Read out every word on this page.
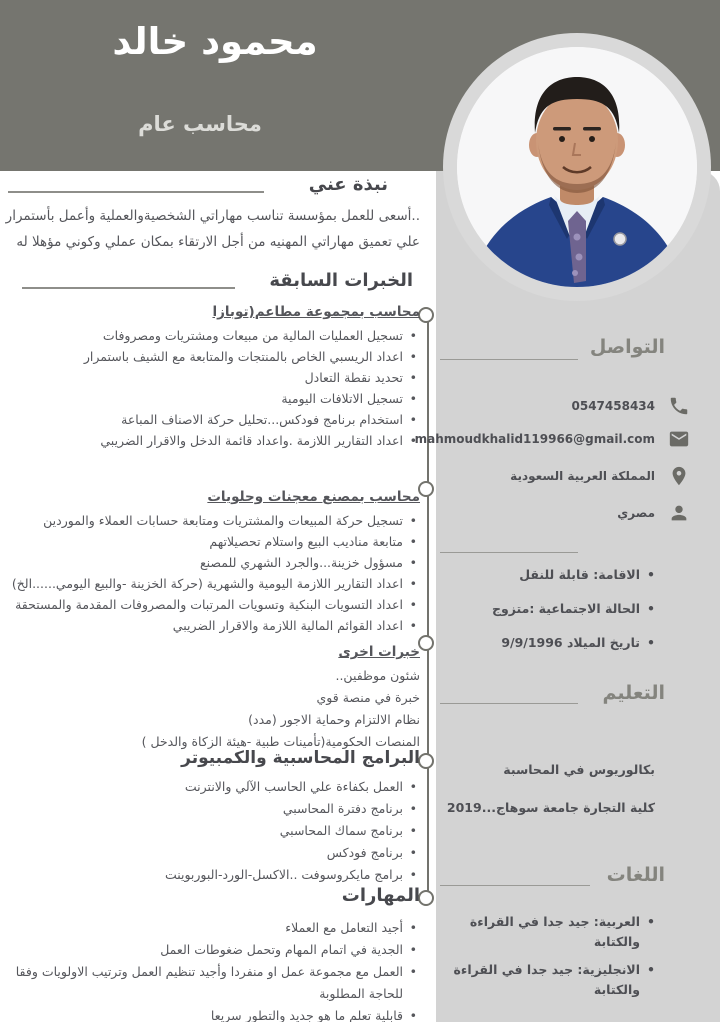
محمود خالد
محاسب عام
نبذة عني
..أسعى للعمل بمؤسسة تناسب مهاراتي الشخصيةوالعملية وأعمل بأستمرار علي تعميق مهاراتي المهنيه من أجل الارتقاء بمكان عملي وكوني مؤهلا له
الخبرات السابقة
محاسب بمجموعة مطاعم(توبازا
• تسجيل العمليات المالية من مبيعات ومشتريات ومصروفات
• اعداد الريسبي الخاص بالمنتجات والمتابعة مع الشيف باستمرار
• تحديد نقطة التعادل
• تسجيل الاتلافات اليومية
• استخدام برنامج فودكس...تحليل حركة الاصناف المباعة
• اعداد التقارير اللازمة .واعداد قائمة الدخل والاقرار الضريبي
محاسب بمصنع معجنات وحلويات
• تسجيل حركة المبيعات والمشتريات ومتابعة حسابات العملاء والموردين
• متابعة مناديب البيع واستلام تحصيلاتهم
• مسؤول خزينة...والجرد الشهري للمصنع
• اعداد التقارير اللازمة اليومية والشهرية (حركة الخزينة -والبيع اليومي......الخ)
• اعداد التسويات البنكية وتسويات المرتبات والمصروفات المقدمة والمستحقة
• اعداد القوائم المالية اللازمة والاقرار الضريبي
خبرات اخرى
شئون موظفين..
خبرة في منصة قوي
نظام الالتزام وحماية الاجور (مدد)
المنصات الحكومية(تأمينات طبية -هيئة الزكاة والدخل )
البرامج المحاسبية والكمبيوتر
• العمل بكفاءة علي الحاسب الآلي والانترنت
• برنامج دفترة المحاسبي
• برنامج سماك المحاسبي
• برنامج فودكس
• برامج مايكروسوفت ..الاكسل-الورد-البوربوينت
المهارات
• أجيد التعامل مع العملاء
• الجدية في اتمام المهام وتحمل ضغوطات العمل
• العمل مع مجموعة عمل او منفردا وأجيد تنظيم العمل وترتيب الاولويات وفقا للحاجة المطلوبة
• قابلية تعلم ما هو جديد والتطور سريعا
التواصل
0547458434
mahmoudkhalid119966@gmail.com
المملكة العربية السعودية
مصري
• الاقامة: قابلة للنقل
• الحالة الاجتماعية :متزوج
• تاريخ الميلاد 9/9/1996
التعليم
بكالوريوس في المحاسبة
كلية التجارة جامعة سوهاج...2019
اللغات
• العربية: جيد جدا في القراءة والكتابة
• الانجليزية: جيد جدا في القراءة والكتابة
